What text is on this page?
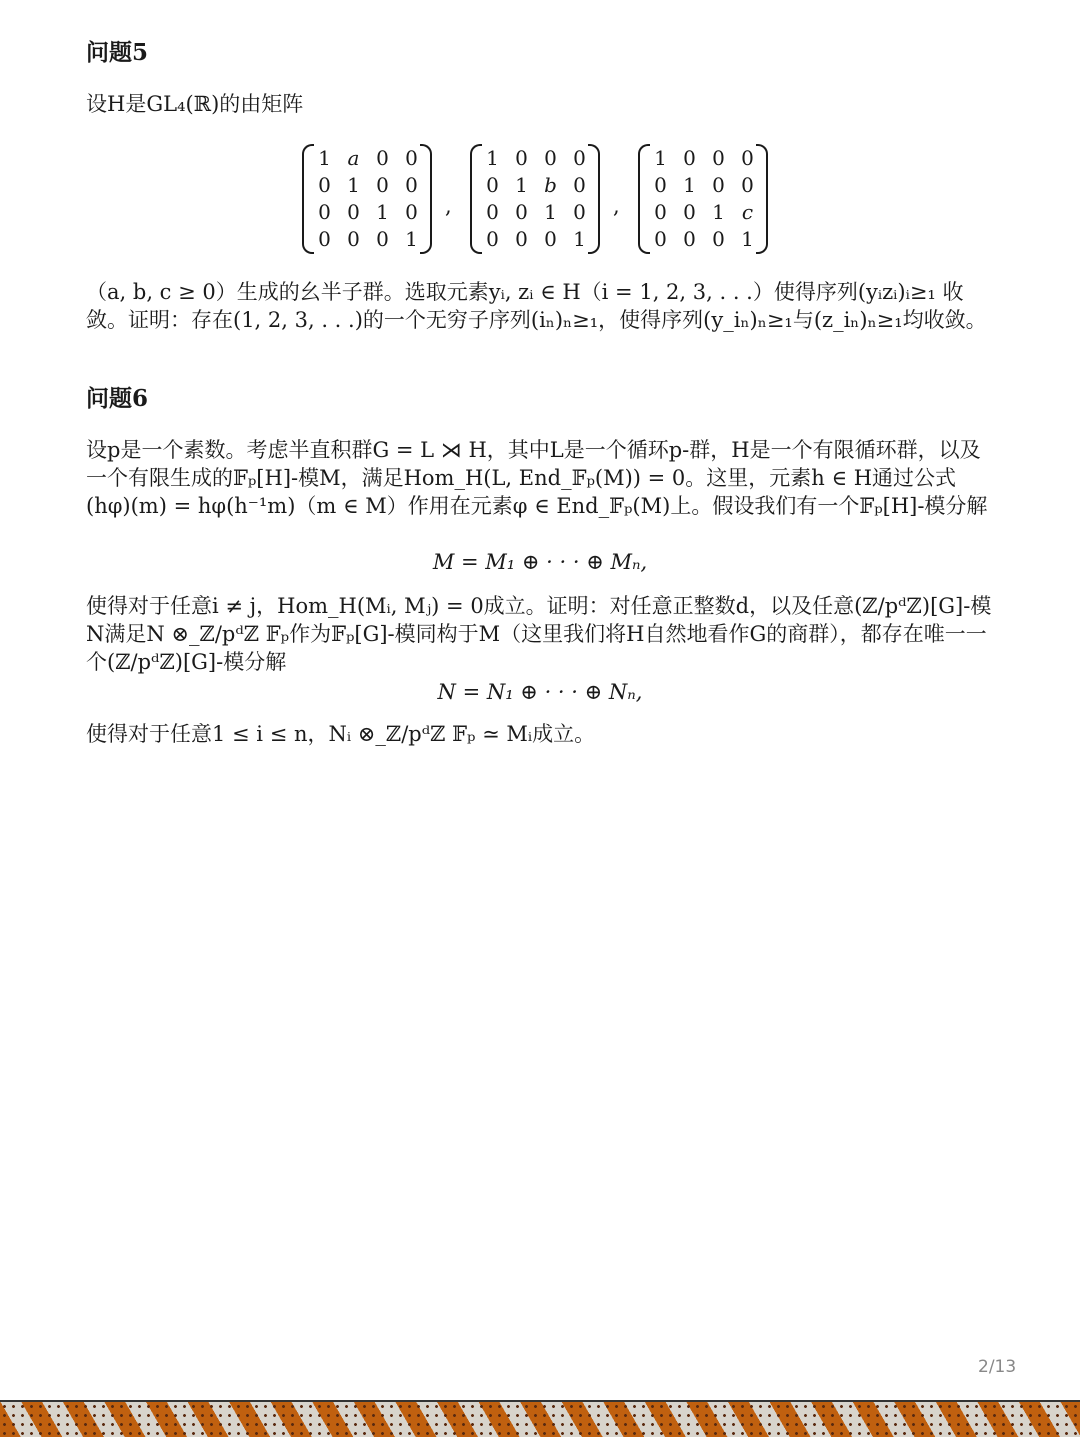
问题5

设H是GL₄(ℝ)的由矩阵

1	a	0	0
0	1	0	0
0	0	1	0
0	0	0	1
,
1	0	0	0
0	1	b	0
0	0	1	0
0	0	0	1
,
1	0	0	0
0	1	0	0
0	0	1	c
0	0	0	1

（a, b, c ≥ 0）生成的幺半子群。选取元素yᵢ, zᵢ ∈ H（i = 1, 2, 3, . . .）使得序列(yᵢzᵢ)ᵢ≥₁ 收敛。证明：存在(1, 2, 3, . . .)的一个无穷子序列(iₙ)ₙ≥₁，使得序列(y_iₙ)ₙ≥₁与(z_iₙ)ₙ≥₁均收敛。

问题6

设p是一个素数。考虑半直积群G = L ⋊ H，其中L是一个循环p-群，H是一个有限循环群，以及一个有限生成的𝔽ₚ[H]-模M，满足Hom_H(L, End_𝔽ₚ(M)) = 0。这里，元素h ∈ H通过公式(hφ)(m) = hφ(h⁻¹m)（m ∈ M）作用在元素φ ∈ End_𝔽ₚ(M)上。假设我们有一个𝔽ₚ[H]-模分解

M = M₁ ⊕ · · · ⊕ Mₙ,

使得对于任意i ≠ j，Hom_H(Mᵢ, Mⱼ) = 0成立。证明：对任意正整数d，以及任意(ℤ/pᵈℤ)[G]-模N满足N ⊗_ℤ/pᵈℤ 𝔽ₚ作为𝔽ₚ[G]-模同构于M（这里我们将H自然地看作G的商群），都存在唯一一个(ℤ/pᵈℤ)[G]-模分解

N = N₁ ⊕ · · · ⊕ Nₙ,

使得对于任意1 ≤ i ≤ n，Nᵢ ⊗_ℤ/pᵈℤ 𝔽ₚ ≃ Mᵢ成立。

2/13
